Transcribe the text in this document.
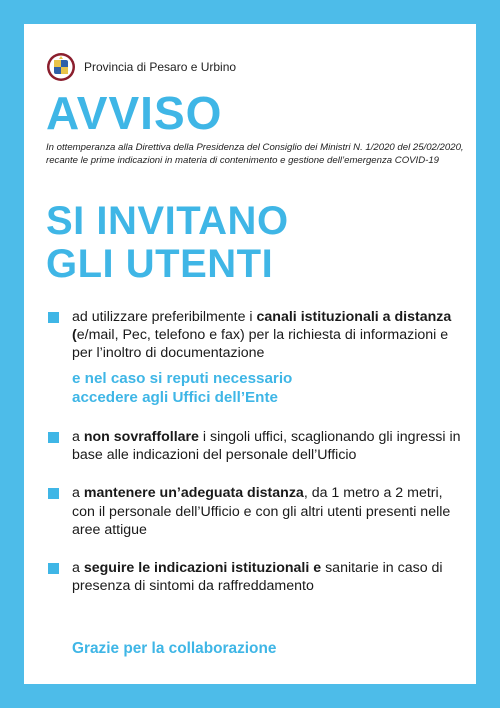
Provincia di Pesaro e Urbino
AVVISO
In ottemperanza alla Direttiva della Presidenza del Consiglio dei Ministri N. 1/2020 del 25/02/2020, recante le prime indicazioni in materia di contenimento e gestione dell’emergenza COVID-19
SI INVITANO
GLI UTENTI
ad utilizzare preferibilmente i canali istituzionali a distanza (e/mail, Pec, telefono e fax) per la richiesta di informazioni e per l’inoltro di documentazione
e nel caso si reputi necessario
accedere agli Uffici dell’Ente
a non sovraffollare i singoli uffici, scaglionando gli ingressi in base alle indicazioni del personale dell’Ufficio
a mantenere un’adeguata distanza, da 1 metro a 2 metri, con il personale dell’Ufficio e con gli altri utenti presenti nelle aree attigue
a seguire le indicazioni istituzionali e sanitarie in caso di presenza di sintomi da raffreddamento
Grazie per la collaborazione
